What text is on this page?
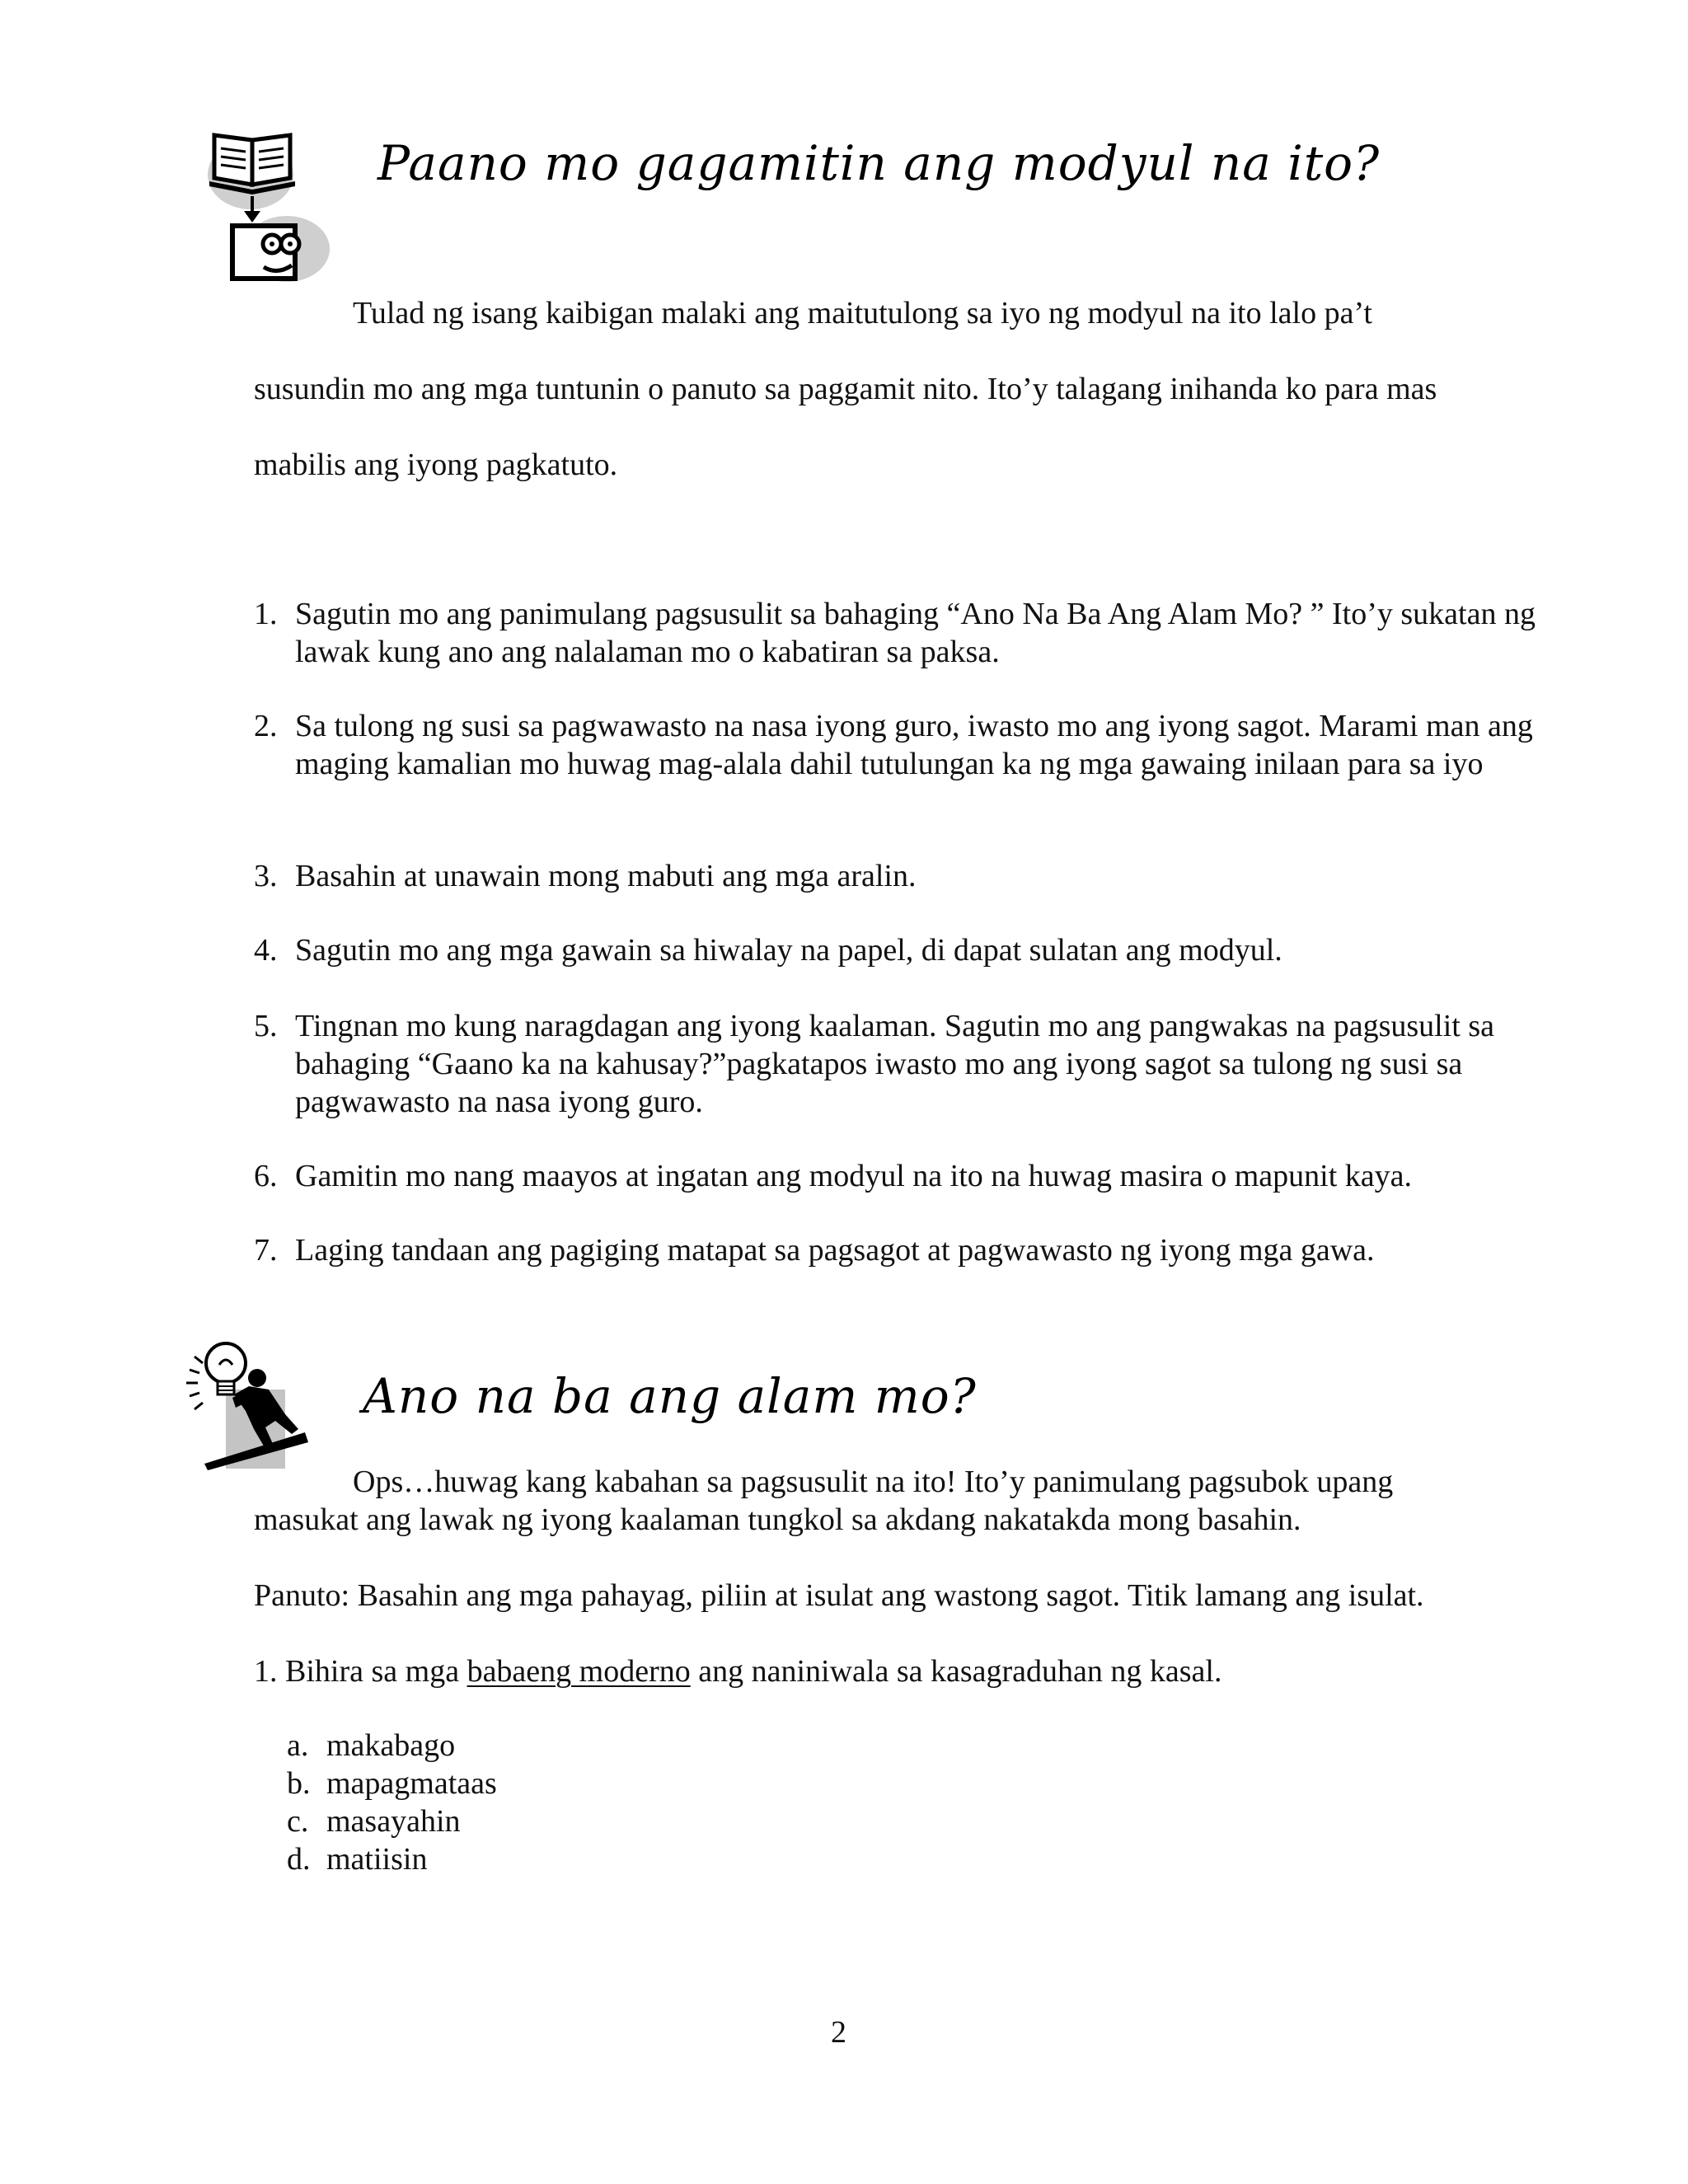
Paano mo gagamitin ang modyul na ito?
Tulad ng isang kaibigan malaki ang maitutulong sa iyo ng modyul na ito lalo pa’t
susundin mo ang mga tuntunin o panuto sa paggamit nito. Ito’y talagang inihanda ko para mas
mabilis ang iyong pagkatuto.
1. Sagutin mo ang panimulang pagsusulit sa bahaging “Ano Na Ba Ang Alam Mo? ” Ito’y sukatan ng lawak kung ano ang nalalaman mo o kabatiran sa paksa.
2. Sa tulong ng susi sa pagwawasto na nasa iyong guro, iwasto mo ang iyong sagot. Marami man ang maging kamalian mo huwag mag-alala dahil tutulungan ka ng mga gawaing inilaan para sa iyo
3. Basahin at unawain mong mabuti ang mga aralin.
4. Sagutin mo ang mga gawain sa hiwalay na papel, di dapat sulatan ang modyul.
5. Tingnan mo kung naragdagan ang iyong kaalaman. Sagutin mo ang pangwakas na pagsusulit sa bahaging “Gaano ka na kahusay?”pagkatapos iwasto mo ang iyong sagot sa tulong ng susi sa pagwawasto na nasa iyong guro.
6. Gamitin mo nang maayos at ingatan ang modyul na ito na huwag masira o mapunit kaya.
7. Laging tandaan ang pagiging matapat sa pagsagot at pagwawasto ng iyong mga gawa.
Ano na ba ang alam mo?
Ops…huwag kang kabahan sa pagsusulit na ito! Ito’y panimulang pagsubok upang
masukat ang lawak ng iyong kaalaman tungkol sa akdang nakatakda mong basahin.
Panuto: Basahin ang mga pahayag, piliin at isulat ang wastong sagot. Titik lamang ang isulat.
1. Bihira sa mga babaeng moderno ang naniniwala sa kasagraduhan ng kasal.
a. makabago
b. mapagmataas
c. masayahin
d. matiisin
2
